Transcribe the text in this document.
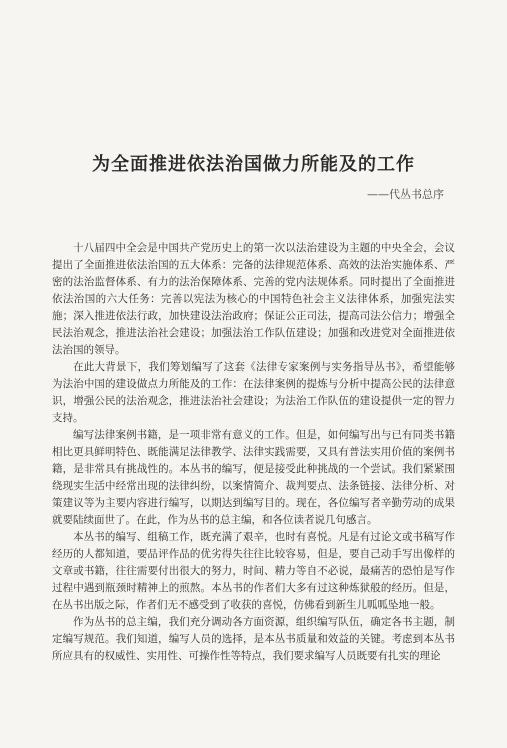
为全面推进依法治国做力所能及的工作
——代丛书总序

十八届四中全会是中国共产党历史上的第一次以法治建设为主题的中央全会，会议提出了全面推进依法治国的五大体系：完备的法律规范体系、高效的法治实施体系、严密的法治监督体系、有力的法治保障体系、完善的党内法规体系。同时提出了全面推进依法治国的六大任务：完善以宪法为核心的中国特色社会主义法律体系，加强宪法实施；深入推进依法行政，加快建设法治政府；保证公正司法，提高司法公信力；增强全民法治观念，推进法治社会建设；加强法治工作队伍建设；加强和改进党对全面推进依法治国的领导。

在此大背景下，我们筹划编写了这套《法律专家案例与实务指导丛书》，希望能够为法治中国的建设做点力所能及的工作：在法律案例的提炼与分析中提高公民的法律意识，增强公民的法治观念，推进法治社会建设；为法治工作队伍的建设提供一定的智力支持。

编写法律案例书籍，是一项非常有意义的工作。但是，如何编写出与已有同类书籍相比更具鲜明特色、既能满足法律教学、法律实践需要，又具有普法实用价值的案例书籍，是非常具有挑战性的。本丛书的编写，便是接受此种挑战的一个尝试。我们紧紧围绕现实生活中经常出现的法律纠纷，以案情简介、裁判要点、法条链接、法律分析、对策建议等为主要内容进行编写，以期达到编写目的。现在，各位编写者辛勤劳动的成果就要陆续面世了。在此，作为丛书的总主编，和各位读者说几句感言。

本丛书的编写、组稿工作，既充满了艰辛，也时有喜悦。凡是有过论文或书稿写作经历的人都知道，要品评作品的优劣得失往往比较容易，但是，要自己动手写出像样的文章或书籍，往往需要付出很大的努力，时间、精力等自不必说，最痛苦的恐怕是写作过程中遇到瓶颈时精神上的煎熬。本丛书的作者们大多有过这种炼狱般的经历。但是，在丛书出版之际，作者们无不感受到了收获的喜悦，仿佛看到新生儿呱呱坠地一般。

作为丛书的总主编，我们充分调动各方面资源，组织编写队伍，确定各书主题，制定编写规范。我们知道，编写人员的选择，是本丛书质量和效益的关键。考虑到本丛书所应具有的权威性、实用性、可操作性等特点，我们要求编写人员既要有扎实的理论
